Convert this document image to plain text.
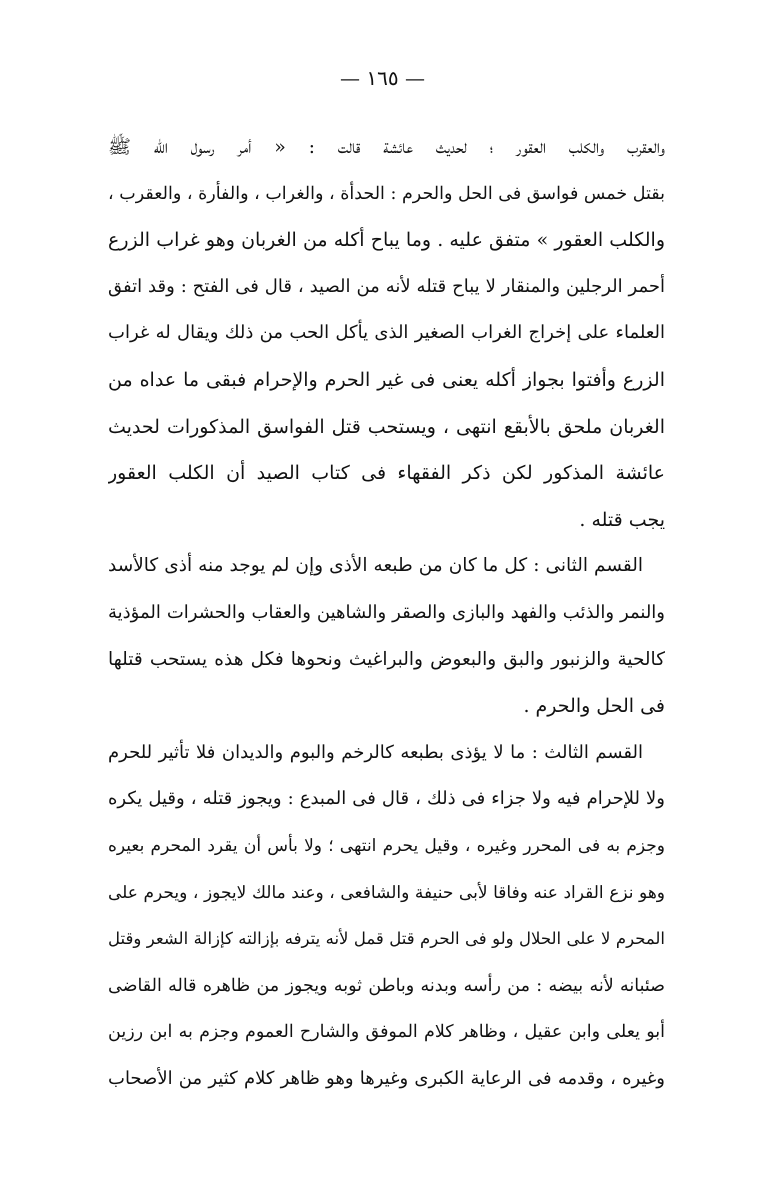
— ١٦٥ —
والعقرب والكلب العقور ؛ لحديث عائشة قالت : « أمر رسول الله ﷺ
بقتل خمس فواسق فى الحل والحرم : الحدأة ، والغراب ، والفأرة ، والعقرب ،
والكلب العقور » متفق عليه . وما يباح أكله من الغربان وهو غراب الزرع
أحمر الرجلين والمنقار لا يباح قتله لأنه من الصيد ، قال فى الفتح : وقد اتفق
العلماء على إخراج الغراب الصغير الذى يأكل الحب من ذلك ويقال له غراب
الزرع وأفتوا بجواز أكله يعنى فى غير الحرم والإحرام فبقى ما عداه من
الغربان ملحق بالأبقع انتهى ، ويستحب قتل الفواسق المذكورات لحديث
عائشة المذكور لكن ذكر الفقهاء فى كتاب الصيد أن الكلب العقور
يجب قتله .
القسم الثانى : كل ما كان من طبعه الأذى وإن لم يوجد منه أذى كالأسد
والنمر والذئب والفهد والبازى والصقر والشاهين والعقاب والحشرات المؤذية
كالحية والزنبور والبق والبعوض والبراغيث ونحوها فكل هذه يستحب قتلها
فى الحل والحرم .
القسم الثالث : ما لا يؤذى بطبعه كالرخم والبوم والديدان فلا تأثير للحرم
ولا للإحرام فيه ولا جزاء فى ذلك ، قال فى المبدع : ويجوز قتله ، وقيل يكره
وجزم به فى المحرر وغيره ، وقيل يحرم انتهى ؛ ولا بأس أن يقرد المحرم بعيره
وهو نزع القراد عنه وفاقا لأبى حنيفة والشافعى ، وعند مالك لايجوز ، ويحرم على
المحرم لا على الحلال ولو فى الحرم قتل قمل لأنه يترفه بإزالته كإزالة الشعر وقتل
صئبانه لأنه بيضه : من رأسه وبدنه وباطن ثوبه ويجوز من ظاهره قاله القاضى
أبو يعلى وابن عقيل ، وظاهر كلام الموفق والشارح العموم وجزم به ابن رزين
وغيره ، وقدمه فى الرعاية الكبرى وغيرها وهو ظاهر كلام كثير من الأصحاب
